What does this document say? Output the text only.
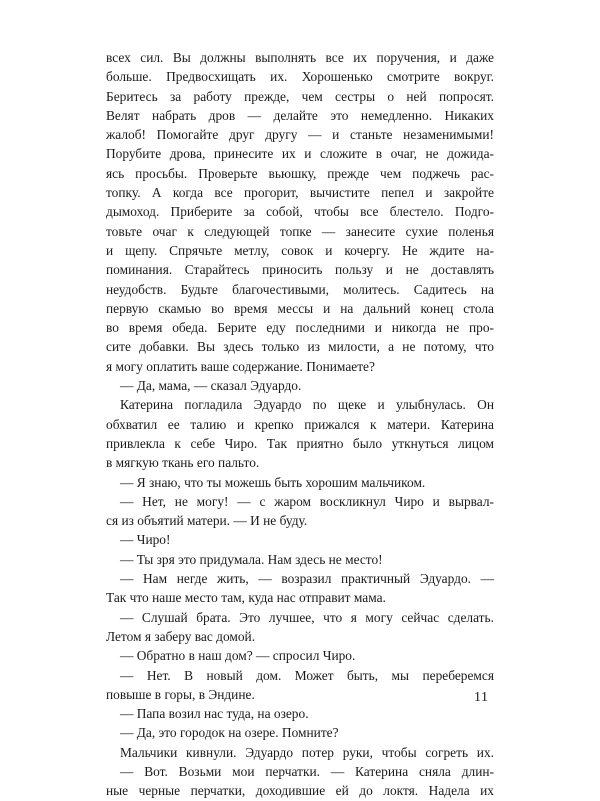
всех сил. Вы должны выполнять все их поручения, и даже
больше. Предвосхищать их. Хорошенько смотрите вокруг.
Беритесь за работу прежде, чем сестры о ней попросят.
Велят набрать дров — делайте это немедленно. Никаких
жалоб! Помогайте друг другу — и станьте незаменимыми!
Порубите дрова, принесите их и сложите в очаг, не дожида-
ясь просьбы. Проверьте вьюшку, прежде чем поджечь рас-
топку. А когда все прогорит, вычистите пепел и закройте
дымоход. Приберите за собой, чтобы все блестело. Подго-
товьте очаг к следующей топке — занесите сухие поленья
и щепу. Спрячьте метлу, совок и кочергу. Не ждите на-
поминания. Старайтесь приносить пользу и не доставлять
неудобств. Будьте благочестивыми, молитесь. Садитесь на
первую скамью во время мессы и на дальний конец стола
во время обеда. Берите еду последними и никогда не про-
сите добавки. Вы здесь только из милости, а не потому, что
я могу оплатить ваше содержание. Понимаете?
— Да, мама, — сказал Эдуардо.
Катерина погладила Эдуардо по щеке и улыбнулась. Он
обхватил ее талию и крепко прижался к матери. Катерина
привлекла к себе Чиро. Так приятно было уткнуться лицом
в мягкую ткань его пальто.
— Я знаю, что ты можешь быть хорошим мальчиком.
— Нет, не могу! — с жаром воскликнул Чиро и вырвал-
ся из объятий матери. — И не буду.
— Чиро!
— Ты зря это придумала. Нам здесь не место!
— Нам негде жить, — возразил практичный Эдуардо. —
Так что наше место там, куда нас отправит мама.
— Слушай брата. Это лучшее, что я могу сейчас сделать.
Летом я заберу вас домой.
— Обратно в наш дом? — спросил Чиро.
— Нет. В новый дом. Может быть, мы переберемся
повыше в горы, в Эндине.
— Папа возил нас туда, на озеро.
— Да, это городок на озере. Помните?
Мальчики кивнули. Эдуардо потер руки, чтобы согреть их.
— Вот. Возьми мои перчатки. — Катерина сняла длин-
ные черные перчатки, доходившие ей до локтя. Надела их
11
